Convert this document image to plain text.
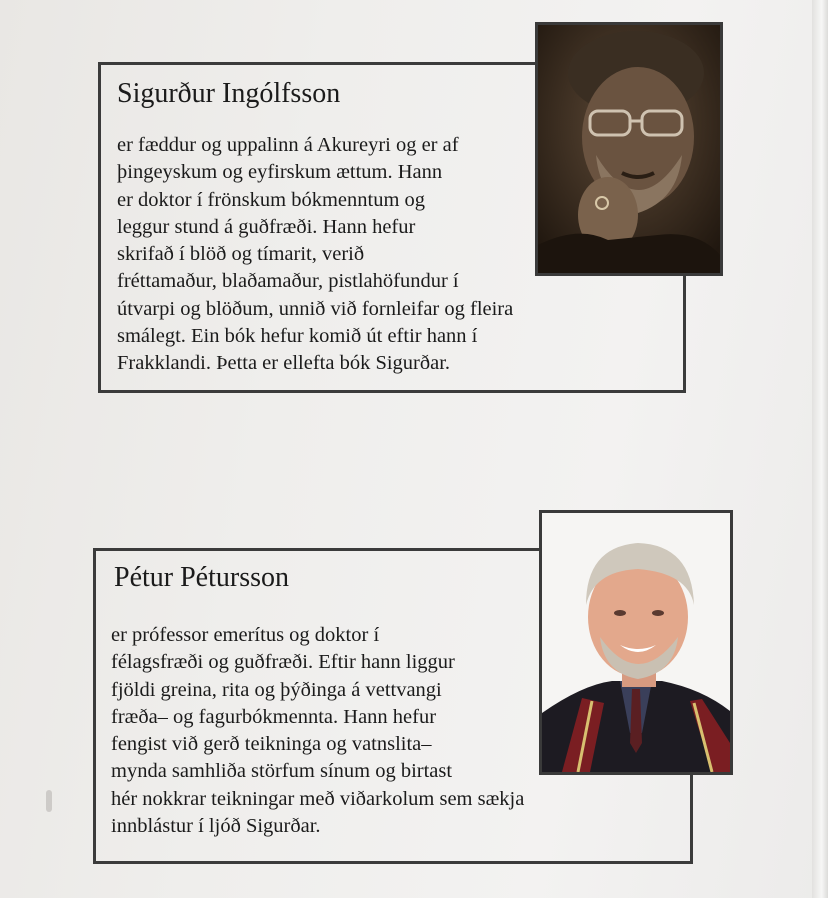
Sigurður Ingólfsson
er fæddur og uppalinn á Akureyri og er af
þingeyskum og eyfirskum ættum. Hann
er doktor í frönskum bókmenntum og
leggur stund á guðfræði. Hann hefur
skrifað í blöð og tímarit, verið
fréttamaður, blaðamaður, pistlahöfundur í
útvarpi og blöðum, unnið við fornleifar og fleira
smálegt. Ein bók hefur komið út eftir hann í
Frakklandi. Þetta er ellefta bók Sigurðar.
Pétur Pétursson
er prófessor emerítus og doktor í
félagsfræði og guðfræði. Eftir hann liggur
fjöldi greina, rita og þýðinga á vettvangi
fræða– og fagurbókmennta. Hann hefur
fengist við gerð teikninga og vatnslita–
mynda samhliða störfum sínum og birtast
hér nokkrar teikningar með viðarkolum sem sækja
innblástur í ljóð Sigurðar.
